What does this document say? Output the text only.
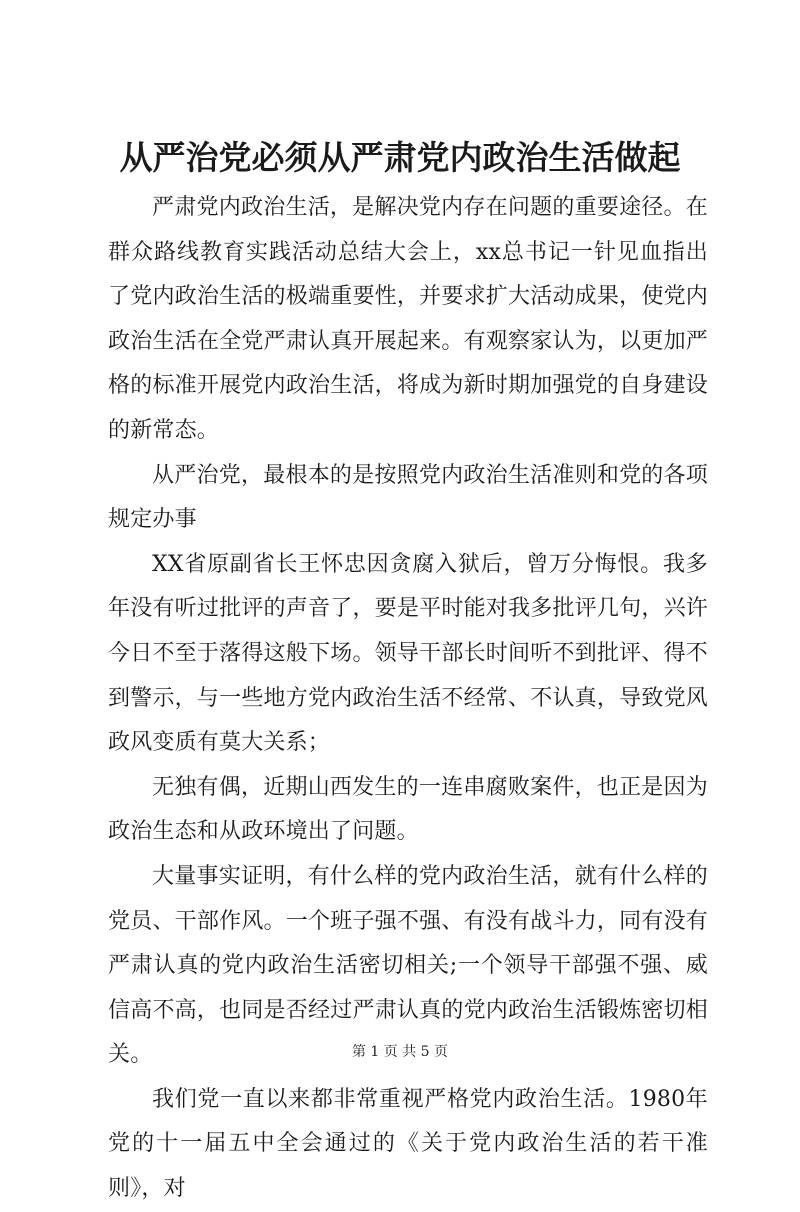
从严治党必须从严肃党内政治生活做起

严肃党内政治生活，是解决党内存在问题的重要途径。在群众路线教育实践活动总结大会上，xx总书记一针见血指出了党内政治生活的极端重要性，并要求扩大活动成果，使党内政治生活在全党严肃认真开展起来。有观察家认为，以更加严格的标准开展党内政治生活，将成为新时期加强党的自身建设的新常态。

从严治党，最根本的是按照党内政治生活准则和党的各项规定办事

XX省原副省长王怀忠因贪腐入狱后，曾万分悔恨。我多年没有听过批评的声音了，要是平时能对我多批评几句，兴许今日不至于落得这般下场。领导干部长时间听不到批评、得不到警示，与一些地方党内政治生活不经常、不认真，导致党风政风变质有莫大关系；

无独有偶，近期山西发生的一连串腐败案件，也正是因为政治生态和从政环境出了问题。

大量事实证明，有什么样的党内政治生活，就有什么样的党员、干部作风。一个班子强不强、有没有战斗力，同有没有严肃认真的党内政治生活密切相关;一个领导干部强不强、威信高不高，也同是否经过严肃认真的党内政治生活锻炼密切相关。

我们党一直以来都非常重视严格党内政治生活。1980年党的十一届五中全会通过的《关于党内政治生活的若干准则》，对

第 1 页 共 5 页
